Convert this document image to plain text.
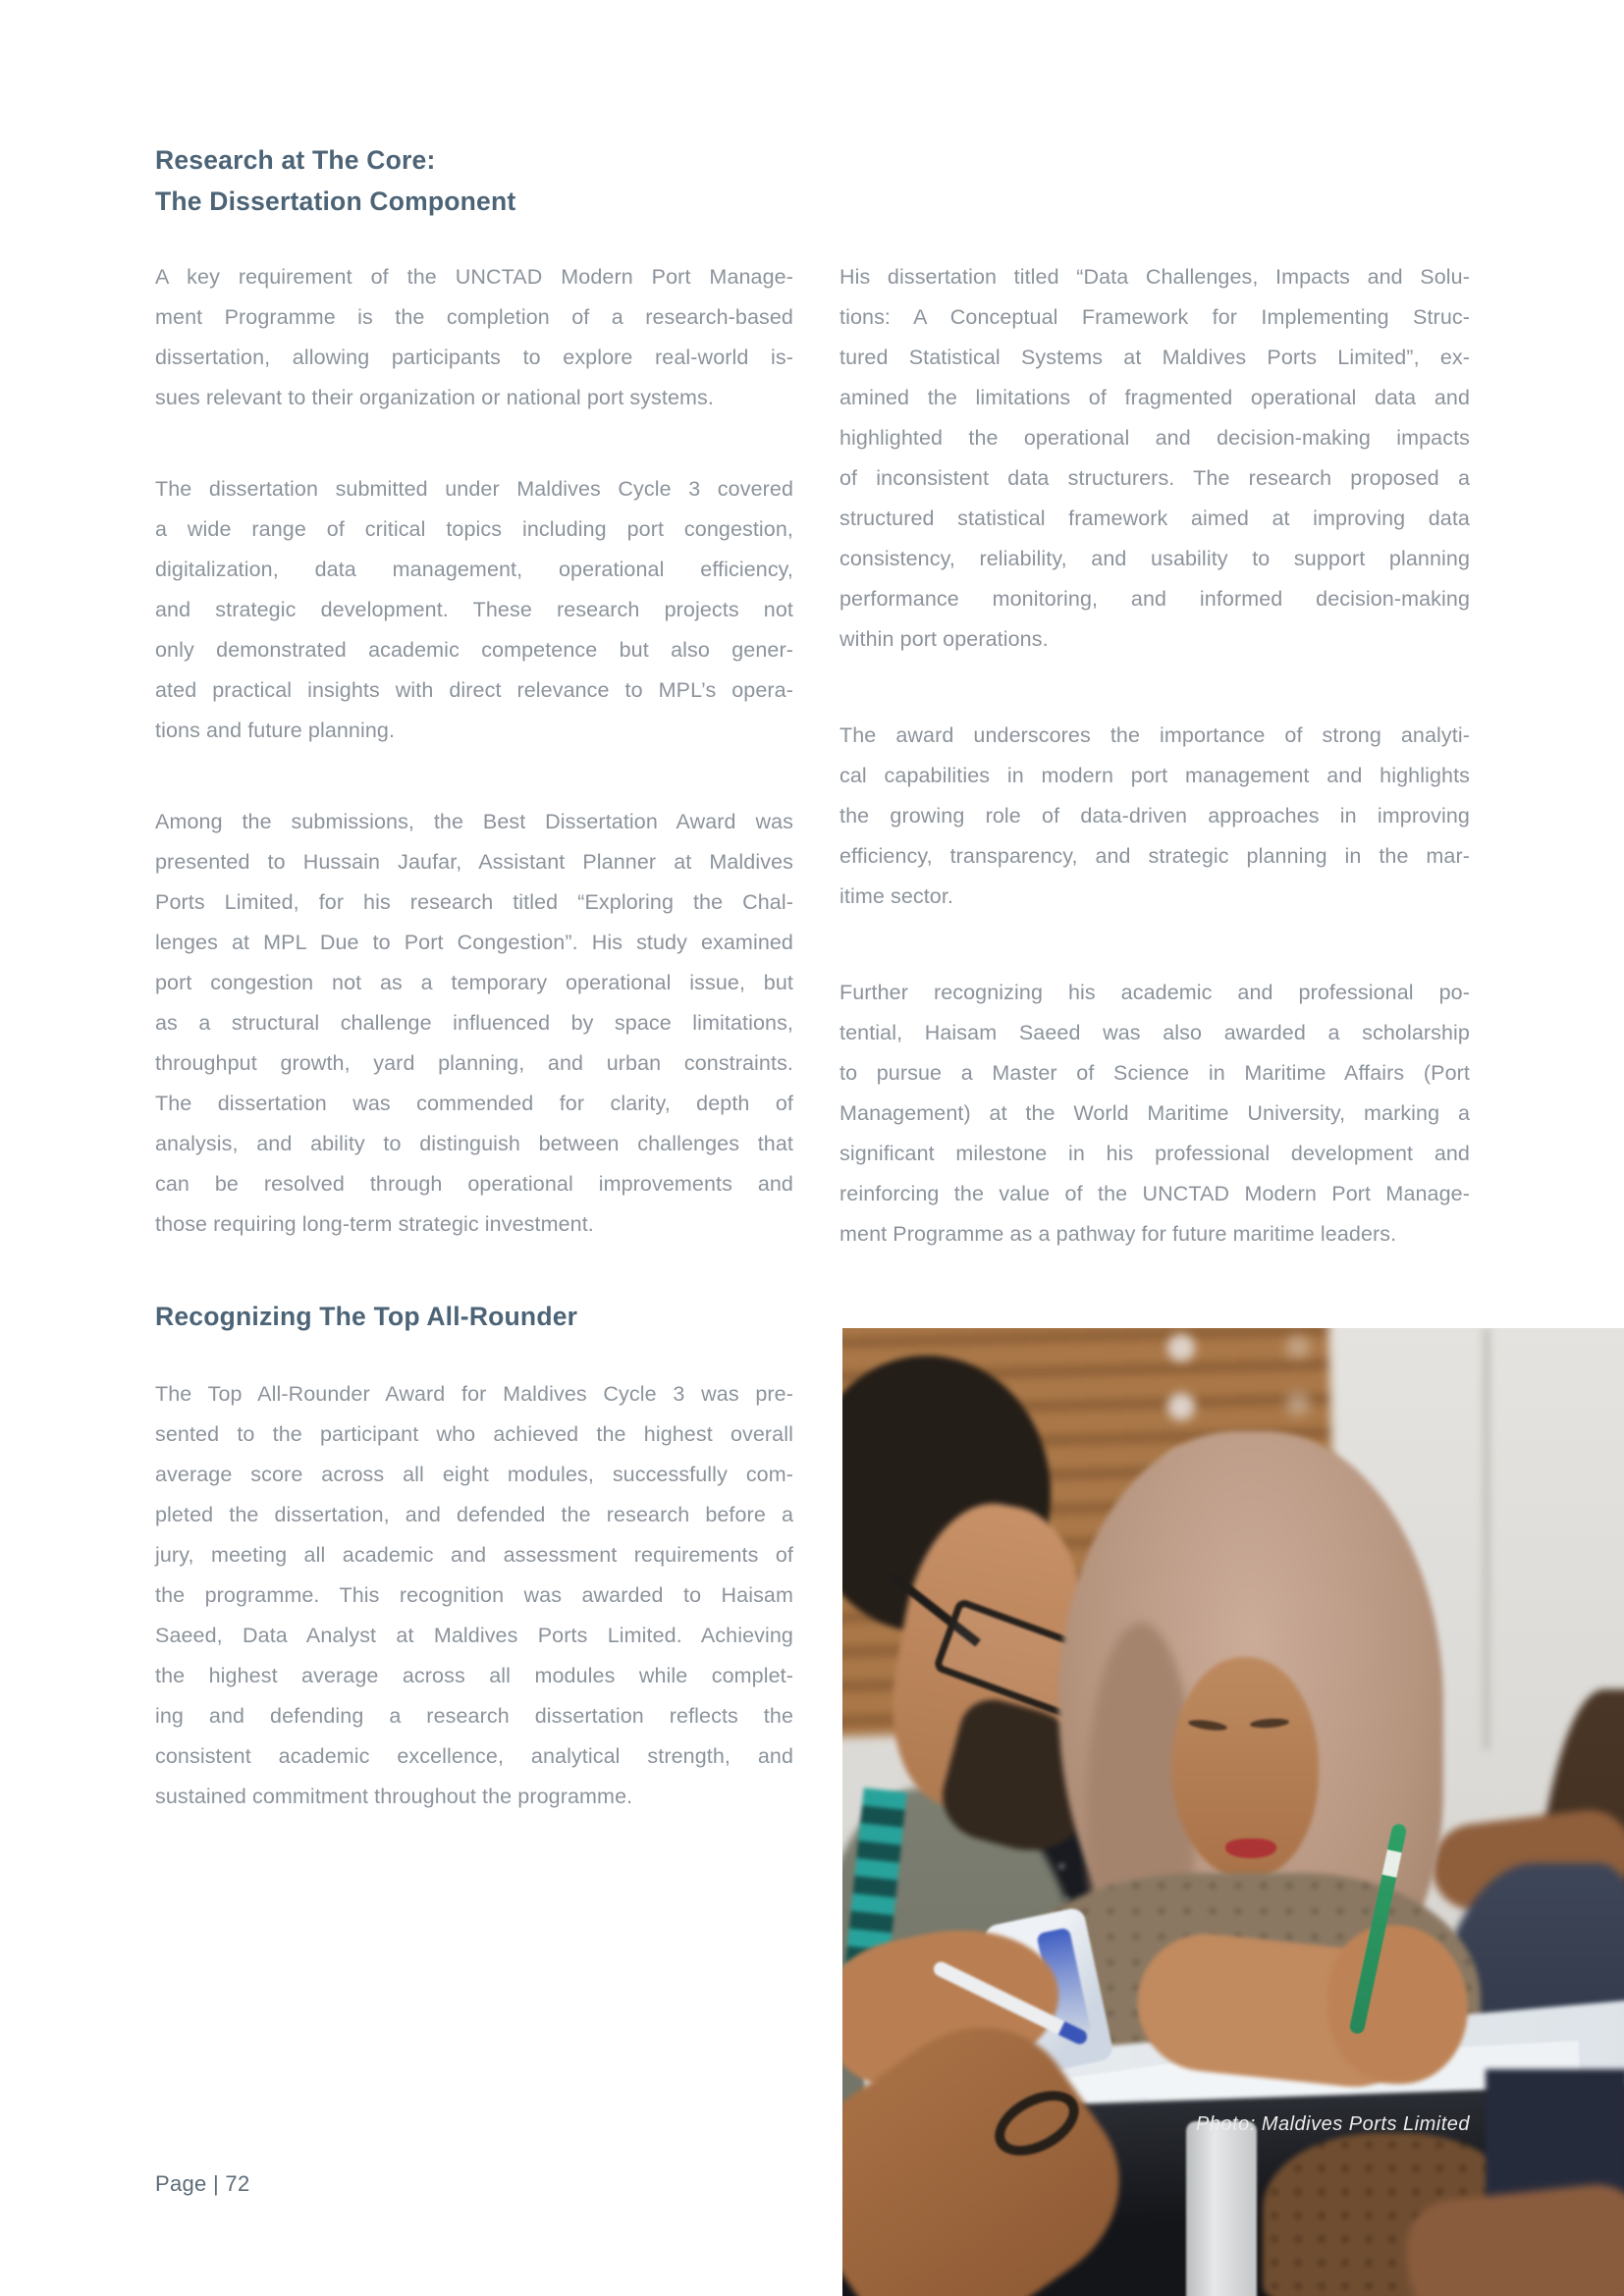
Research at The Core:
The Dissertation Component
A key requirement of the UNCTAD Modern Port Manage-
ment Programme is the completion of a research-based
dissertation, allowing participants to explore real-world is-
sues relevant to their organization or national port systems.
The dissertation submitted under Maldives Cycle 3 covered
a wide range of critical topics including port congestion,
digitalization, data management, operational efficiency,
and strategic development. These research projects not
only demonstrated academic competence but also gener-
ated practical insights with direct relevance to MPL’s opera-
tions and future planning.
Among the submissions, the Best Dissertation Award was
presented to Hussain Jaufar, Assistant Planner at Maldives
Ports Limited, for his research titled “Exploring the Chal-
lenges at MPL Due to Port Congestion”. His study examined
port congestion not as a temporary operational issue, but
as a structural challenge influenced by space limitations,
throughput growth, yard planning, and urban constraints.
The dissertation was commended for clarity, depth of
analysis, and ability to distinguish between challenges that
can be resolved through operational improvements and
those requiring long-term strategic investment.
Recognizing The Top All-Rounder
The Top All-Rounder Award for Maldives Cycle 3 was pre-
sented to the participant who achieved the highest overall
average score across all eight modules, successfully com-
pleted the dissertation, and defended the research before a
jury, meeting all academic and assessment requirements of
the programme. This recognition was awarded to Haisam
Saeed, Data Analyst at Maldives Ports Limited. Achieving
the highest average across all modules while complet-
ing and defending a research dissertation reflects the
consistent academic excellence, analytical strength, and
sustained commitment throughout the programme.
His dissertation titled “Data Challenges, Impacts and Solu-
tions: A Conceptual Framework for Implementing Struc-
tured Statistical Systems at Maldives Ports Limited”, ex-
amined the limitations of fragmented operational data and
highlighted the operational and decision-making impacts
of inconsistent data structurers. The research proposed a
structured statistical framework aimed at improving data
consistency, reliability, and usability to support planning
performance monitoring, and informed decision-making
within port operations.
The award underscores the importance of strong analyti-
cal capabilities in modern port management and highlights
the growing role of data-driven approaches in improving
efficiency, transparency, and strategic planning in the mar-
itime sector.
Further recognizing his academic and professional po-
tential, Haisam Saeed was also awarded a scholarship
to pursue a Master of Science in Maritime Affairs (Port
Management) at the World Maritime University, marking a
significant milestone in his professional development and
reinforcing the value of the UNCTAD Modern Port Manage-
ment Programme as a pathway for future maritime leaders.
Photo: Maldives Ports Limited
Page | 72
